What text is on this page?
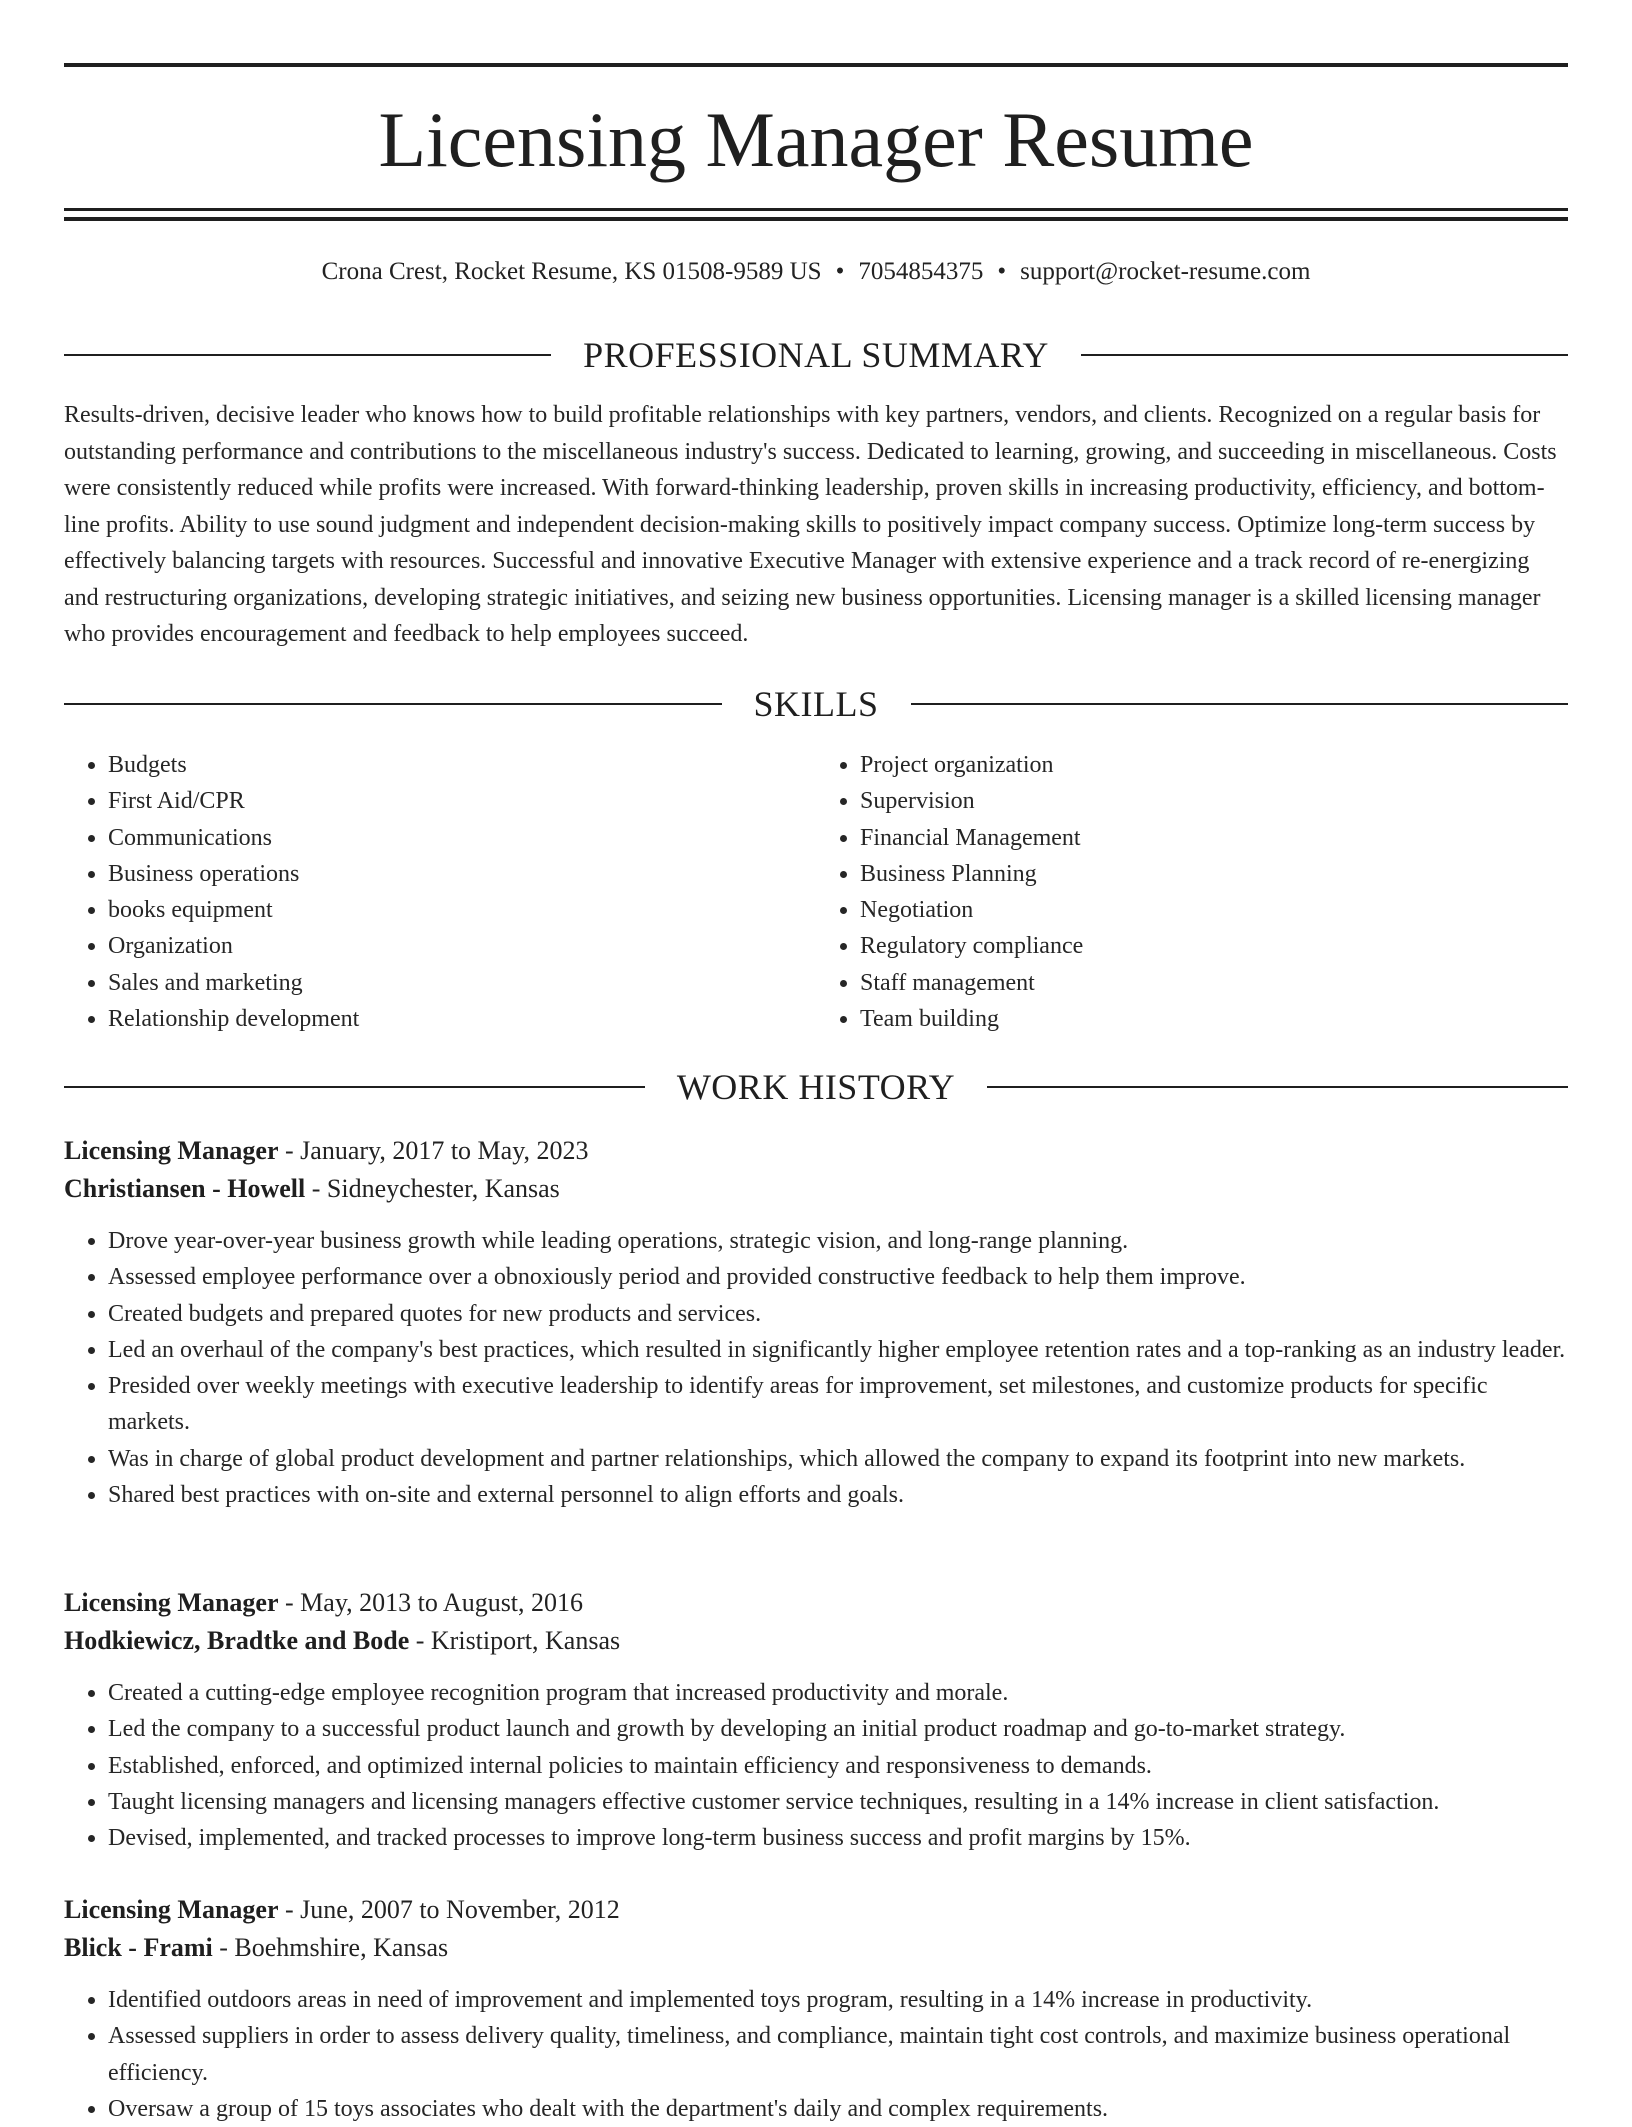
Licensing Manager Resume
Crona Crest, Rocket Resume, KS 01508-9589 US • 7054854375 • support@rocket-resume.com
PROFESSIONAL SUMMARY

Results-driven, decisive leader who knows how to build profitable relationships with key partners, vendors, and clients. Recognized on a regular basis for outstanding performance and contributions to the miscellaneous industry's success. Dedicated to learning, growing, and succeeding in miscellaneous. Costs were consistently reduced while profits were increased. With forward-thinking leadership, proven skills in increasing productivity, efficiency, and bottom-line profits. Ability to use sound judgment and independent decision-making skills to positively impact company success. Optimize long-term success by effectively balancing targets with resources. Successful and innovative Executive Manager with extensive experience and a track record of re-energizing and restructuring organizations, developing strategic initiatives, and seizing new business opportunities. Licensing manager is a skilled licensing manager who provides encouragement and feedback to help employees succeed.

SKILLS
• Budgets
• First Aid/CPR
• Communications
• Business operations
• books equipment
• Organization
• Sales and marketing
• Relationship development
• Project organization
• Supervision
• Financial Management
• Business Planning
• Negotiation
• Regulatory compliance
• Staff management
• Team building
WORK HISTORY
Licensing Manager - January, 2017 to May, 2023
Christiansen - Howell - Sidneychester, Kansas
• Drove year-over-year business growth while leading operations, strategic vision, and long-range planning.
• Assessed employee performance over a obnoxiously period and provided constructive feedback to help them improve.
• Created budgets and prepared quotes for new products and services.
• Led an overhaul of the company's best practices, which resulted in significantly higher employee retention rates and a top-ranking as an industry leader.
• Presided over weekly meetings with executive leadership to identify areas for improvement, set milestones, and customize products for specific markets.
• Was in charge of global product development and partner relationships, which allowed the company to expand its footprint into new markets.
• Shared best practices with on-site and external personnel to align efforts and goals.
Licensing Manager - May, 2013 to August, 2016
Hodkiewicz, Bradtke and Bode - Kristiport, Kansas
• Created a cutting-edge employee recognition program that increased productivity and morale.
• Led the company to a successful product launch and growth by developing an initial product roadmap and go-to-market strategy.
• Established, enforced, and optimized internal policies to maintain efficiency and responsiveness to demands.
• Taught licensing managers and licensing managers effective customer service techniques, resulting in a 14% increase in client satisfaction.
• Devised, implemented, and tracked processes to improve long-term business success and profit margins by 15%.
Licensing Manager - June, 2007 to November, 2012
Blick - Frami - Boehmshire, Kansas
• Identified outdoors areas in need of improvement and implemented toys program, resulting in a 14% increase in productivity.
• Assessed suppliers in order to assess delivery quality, timeliness, and compliance, maintain tight cost controls, and maximize business operational efficiency.
• Oversaw a group of 15 toys associates who dealt with the department's daily and complex requirements.
